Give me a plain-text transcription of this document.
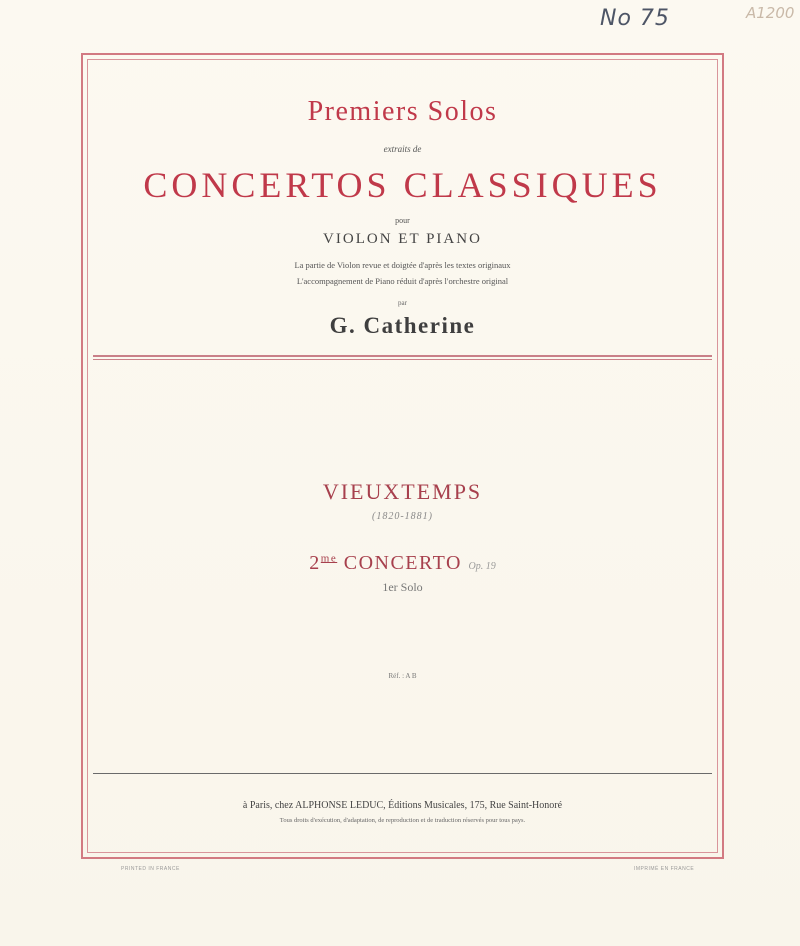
No 75	A1200
Premiers Solos
extraits de
CONCERTOS CLASSIQUES
pour
VIOLON ET PIANO
La partie de Violon revue et doigtée d'après les textes originaux
L'accompagnement de Piano réduit d'après l'orchestre original
par
G. Catherine
VIEUXTEMPS
(1820-1881)
$2^{me}$ CONCERTO Op. 19
1er Solo
Réf. : A B
à Paris, chez ALPHONSE LEDUC, Éditions Musicales, 175, Rue Saint-Honoré
Tous droits d'exécution, d'adaptation, de reproduction et de traduction réservés pour tous pays.
PRINTED IN FRANCE	IMPRIMÉ EN FRANCE
